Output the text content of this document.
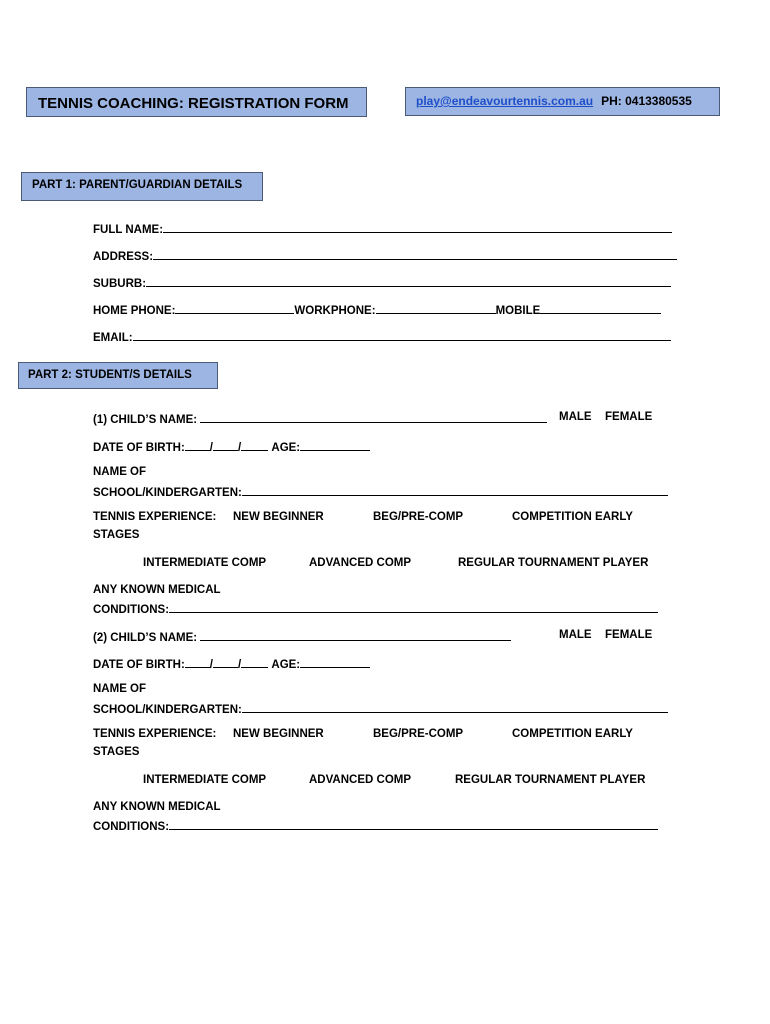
TENNIS COACHING: REGISTRATION FORM	play@endeavourtennis.com.au PH: 0413380535
PART 1: PARENT/GUARDIAN DETAILS
FULL NAME:
ADDRESS:
SUBURB:
HOME PHONE:	WORKPHONE:	MOBILE
EMAIL:
PART 2: STUDENT/S DETAILS
(1) CHILD’S NAME:	MALE FEMALE
DATE OF BIRTH: / /	AGE:
NAME OF
SCHOOL/KINDERGARTEN:
TENNIS EXPERIENCE: NEW BEGINNER	BEG/PRE-COMP	COMPETITION EARLY
STAGES
INTERMEDIATE COMP	ADVANCED COMP	REGULAR TOURNAMENT PLAYER
ANY KNOWN MEDICAL
CONDITIONS:
(2) CHILD’S NAME:	MALE FEMALE
DATE OF BIRTH: / /	AGE:
NAME OF
SCHOOL/KINDERGARTEN:
TENNIS EXPERIENCE: NEW BEGINNER	BEG/PRE-COMP	COMPETITION EARLY
STAGES
INTERMEDIATE COMP	ADVANCED COMP	REGULAR TOURNAMENT PLAYER
ANY KNOWN MEDICAL
CONDITIONS:
